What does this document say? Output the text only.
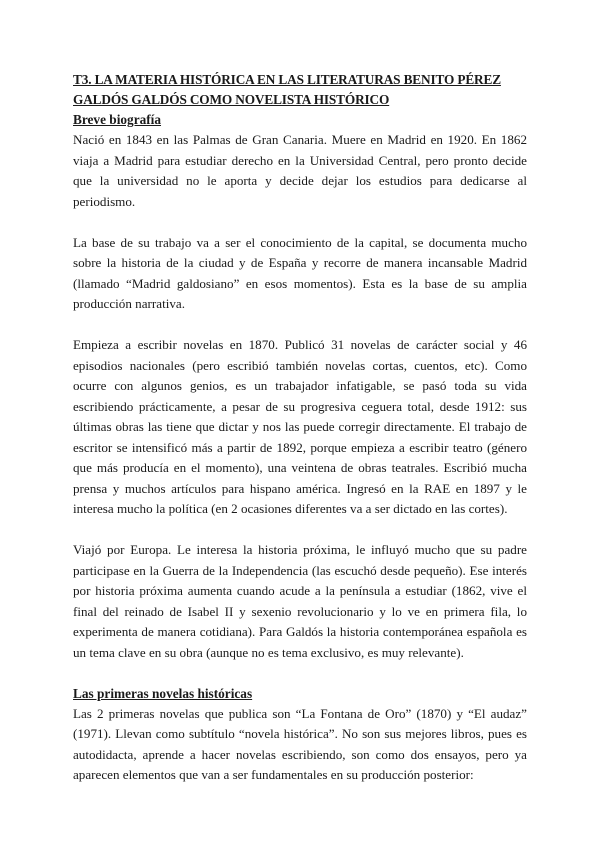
T3. LA MATERIA HISTÓRICA EN LAS LITERATURAS BENITO PÉREZ GALDÓS GALDÓS COMO NOVELISTA HISTÓRICO
Breve biografía

Nació en 1843 en las Palmas de Gran Canaria. Muere en Madrid en 1920. En 1862 viaja a Madrid para estudiar derecho en la Universidad Central, pero pronto decide que la universidad no le aporta y decide dejar los estudios para dedicarse al periodismo.

La base de su trabajo va a ser el conocimiento de la capital, se documenta mucho sobre la historia de la ciudad y de España y recorre de manera incansable Madrid (llamado “Madrid galdosiano” en esos momentos). Esta es la base de su amplia producción narrativa.

Empieza a escribir novelas en 1870. Publicó 31 novelas de carácter social y 46 episodios nacionales (pero escribió también novelas cortas, cuentos, etc). Como ocurre con algunos genios, es un trabajador infatigable, se pasó toda su vida escribiendo prácticamente, a pesar de su progresiva ceguera total, desde 1912: sus últimas obras las tiene que dictar y nos las puede corregir directamente. El trabajo de escritor se intensificó más a partir de 1892, porque empieza a escribir teatro (género que más producía en el momento), una veintena de obras teatrales. Escribió mucha prensa y muchos artículos para hispano américa. Ingresó en la RAE en 1897 y le interesa mucho la política (en 2 ocasiones diferentes va a ser dictado en las cortes).

Viajó por Europa. Le interesa la historia próxima, le influyó mucho que su padre participase en la Guerra de la Independencia (las escuchó desde pequeño). Ese interés por historia próxima aumenta cuando acude a la península a estudiar (1862, vive el final del reinado de Isabel II y sexenio revolucionario y lo ve en primera fila, lo experimenta de manera cotidiana). Para Galdós la historia contemporánea española es un tema clave en su obra (aunque no es tema exclusivo, es muy relevante).

Las primeras novelas históricas

Las 2 primeras novelas que publica son “La Fontana de Oro” (1870) y “El audaz” (1971). Llevan como subtítulo “novela histórica”. No son sus mejores libros, pues es autodidacta, aprende a hacer novelas escribiendo, son como dos ensayos, pero ya aparecen elementos que van a ser fundamentales en su producción posterior:
